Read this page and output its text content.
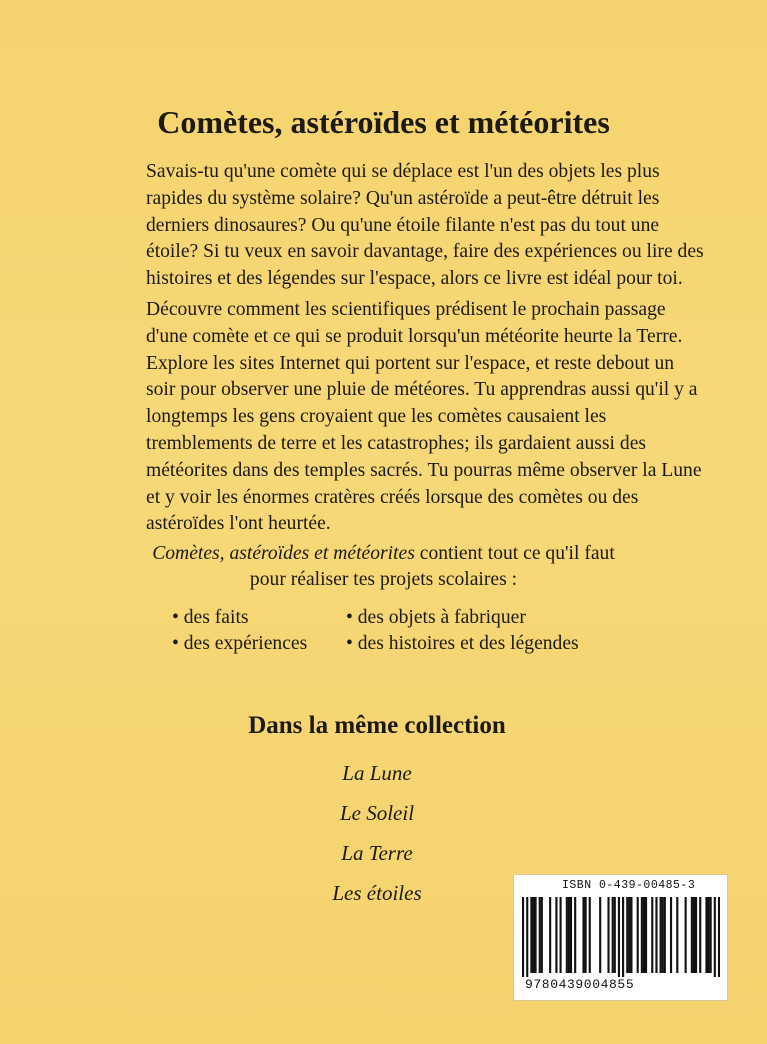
Comètes, astéroïdes et météorites

Savais-tu qu'une comète qui se déplace est l'un des objets les plus rapides du système solaire? Qu'un astéroïde a peut-être détruit les derniers dinosaures? Ou qu'une étoile filante n'est pas du tout une étoile? Si tu veux en savoir davantage, faire des expériences ou lire des histoires et des légendes sur l'espace, alors ce livre est idéal pour toi.

Découvre comment les scientifiques prédisent le prochain passage d'une comète et ce qui se produit lorsqu'un météorite heurte la Terre. Explore les sites Internet qui portent sur l'espace, et reste debout un soir pour observer une pluie de météores. Tu apprendras aussi qu'il y a longtemps les gens croyaient que les comètes causaient les tremblements de terre et les catastrophes; ils gardaient aussi des météorites dans des temples sacrés. Tu pourras même observer la Lune et y voir les énormes cratères créés lorsque des comètes ou des astéroïdes l'ont heurtée.

Comètes, astéroïdes et météorites contient tout ce qu'il faut
pour réaliser tes projets scolaires :

• des faits	• des objets à fabriquer
• des expériences • des histoires et des légendes
Dans la même collection
La Lune
Le Soleil
La Terre
Les étoiles	ISBN 0-439-00485-3
9780439004855
